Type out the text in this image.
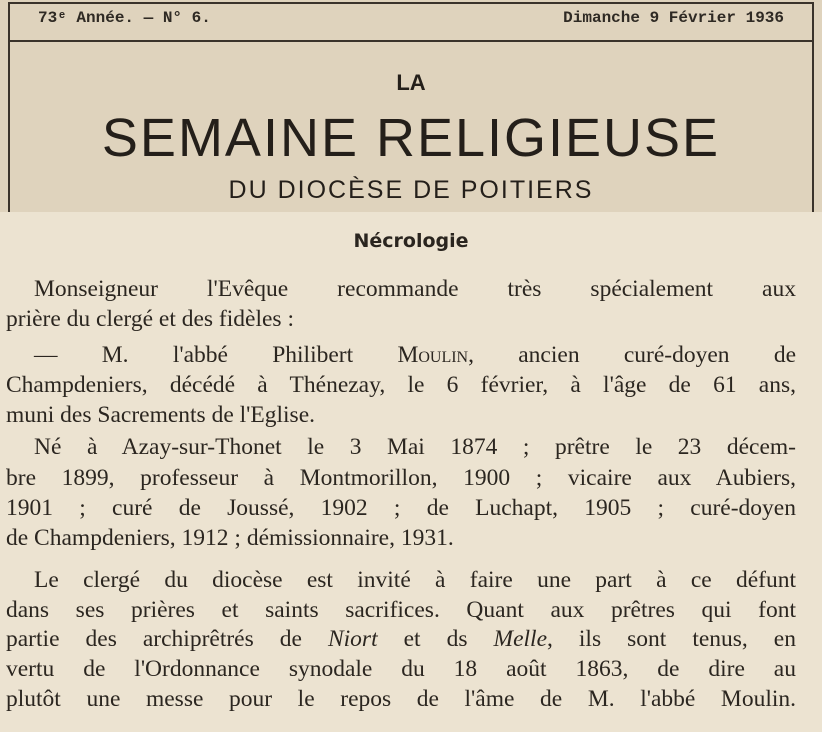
73ᵉ Année. — N° 6.	Dimanche 9 Février 1936
LA
SEMAINE RELIGIEUSE
DU DIOCÈSE DE POITIERS
Nécrologie
Monseigneur l'Evêque recommande très spécialement aux
prière du clergé et des fidèles :
— M. l'abbé Philibert Moulin, ancien curé-doyen de
Champdeniers, décédé à Thénezay, le 6 février, à l'âge de 61 ans,
muni des Sacrements de l'Eglise.
Né à Azay-sur-Thonet le 3 Mai 1874 ; prêtre le 23 décem-
bre 1899, professeur à Montmorillon, 1900 ; vicaire aux Aubiers,
1901 ; curé de Joussé, 1902 ; de Luchapt, 1905 ; curé-doyen
de Champdeniers, 1912 ; démissionnaire, 1931.
Le clergé du diocèse est invité à faire une part à ce défunt
dans ses prières et saints sacrifices. Quant aux prêtres qui font
partie des archiprêtrés de Niort et ds Melle, ils sont tenus, en
vertu de l'Ordonnance synodale du 18 août 1863, de dire au
plutôt une messe pour le repos de l'âme de M. l'abbé Moulin.
